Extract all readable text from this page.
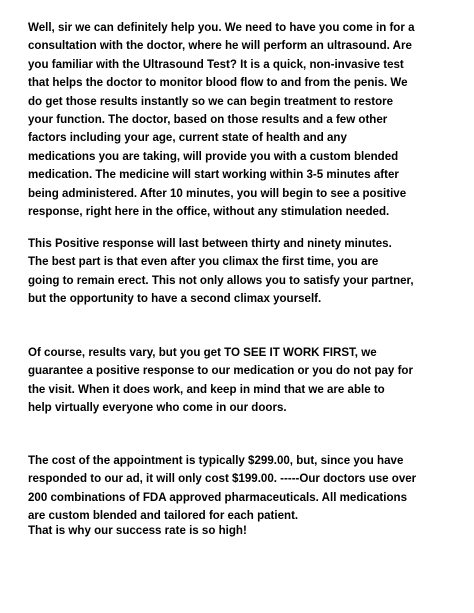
Well, sir we can definitely help you. We need to have you come in for a
consultation with the doctor, where he will perform an ultrasound. Are
you familiar with the Ultrasound Test? It is a quick, non-invasive test
that helps the doctor to monitor blood flow to and from the penis. We
do get those results instantly so we can begin treatment to restore
your function. The doctor, based on those results and a few other
factors including your age, current state of health and any
medications you are taking, will provide you with a custom blended
medication. The medicine will start working within 3-5 minutes after
being administered. After 10 minutes, you will begin to see a positive
response, right here in the office, without any stimulation needed.

This Positive response will last between thirty and ninety minutes.
The best part is that even after you climax the first time, you are
going to remain erect. This not only allows you to satisfy your partner,
but the opportunity to have a second climax yourself.

Of course, results vary, but you get TO SEE IT WORK FIRST, we
guarantee a positive response to our medication or you do not pay for
the visit. When it does work, and keep in mind that we are able to
help virtually everyone who come in our doors.

The cost of the appointment is typically $299.00, but, since you have
responded to our ad, it will only cost $199.00. -----Our doctors use over
200 combinations of FDA approved pharmaceuticals. All medications
are custom blended and tailored for each patient.

That is why our success rate is so high!
